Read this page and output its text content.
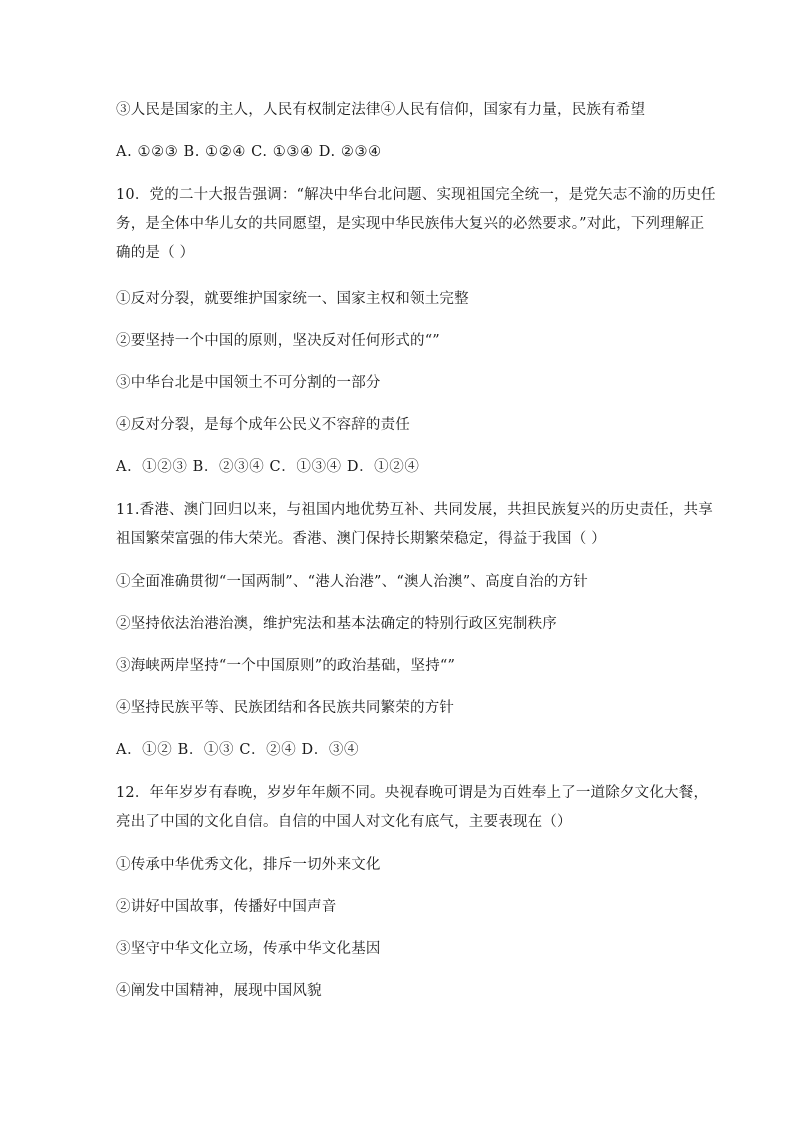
③人民是国家的主人，人民有权制定法律④人民有信仰，国家有力量，民族有希望
A. ①②③ B. ①②④ C. ①③④ D. ②③④
10．党的二十大报告强调：“解决中华台北问题、实现祖国完全统一，是党矢志不渝的历史任
务，是全体中华儿女的共同愿望，是实现中华民族伟大复兴的必然要求。”对此，下列理解正
确的是（ ）
①反对分裂，就要维护国家统一、国家主权和领土完整
②要坚持一个中国的原则，坚决反对任何形式的“”
③中华台北是中国领土不可分割的一部分
④反对分裂，是每个成年公民义不容辞的责任
A．①②③ B．②③④ C．①③④ D．①②④
11.香港、澳门回归以来，与祖国内地优势互补、共同发展，共担民族复兴的历史责任，共享
祖国繁荣富强的伟大荣光。香港、澳门保持长期繁荣稳定，得益于我国（ ）
①全面准确贯彻“一国两制”、“港人治港”、“澳人治澳”、高度自治的方针
②坚持依法治港治澳，维护宪法和基本法确定的特别行政区宪制秩序
③海峡两岸坚持“一个中国原则”的政治基础，坚持“”
④坚持民族平等、民族团结和各民族共同繁荣的方针
A．①② B．①③ C．②④ D．③④
12．年年岁岁有春晚，岁岁年年颇不同。央视春晚可谓是为百姓奉上了一道除夕文化大餐，
亮出了中国的文化自信。自信的中国人对文化有底气，主要表现在（）
①传承中华优秀文化，排斥一切外来文化
②讲好中国故事，传播好中国声音
③坚守中华文化立场，传承中华文化基因
④阐发中国精神，展现中国风貌
